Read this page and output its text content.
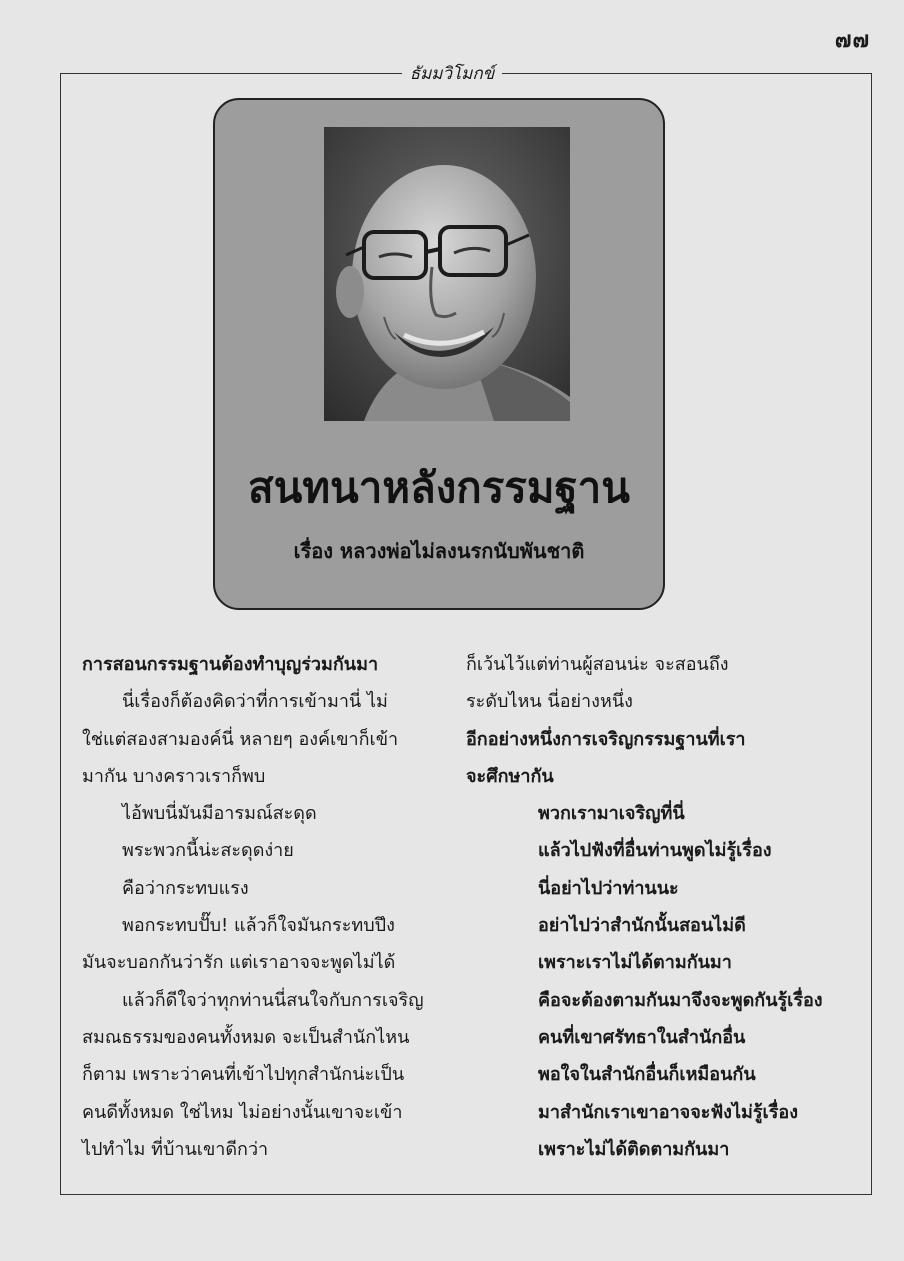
๗๗
ธัมมวิโมกข์
สนทนาหลังกรรมฐาน
เรื่อง หลวงพ่อไม่ลงนรกนับพันชาติ
การสอนกรรมฐานต้องทำบุญร่วมกันมา
นี่เรื่องก็ต้องคิดว่าที่การเข้ามานี่ ไม่
ใช่แต่สองสามองค์นี่ หลายๆ องค์เขาก็เข้า
มากัน บางคราวเราก็พบ
ไอ้พบนี่มันมีอารมณ์สะดุด
พระพวกนี้น่ะสะดุดง่าย
คือว่ากระทบแรง
พอกระทบปั๊บ! แล้วก็ใจมันกระทบปึง
มันจะบอกกันว่ารัก แต่เราอาจจะพูดไม่ได้
แล้วก็ดีใจว่าทุกท่านนี่สนใจกับการเจริญ
สมณธรรมของคนทั้งหมด จะเป็นสำนักไหน
ก็ตาม เพราะว่าคนที่เข้าไปทุกสำนักน่ะเป็น
คนดีทั้งหมด ใช่ไหม ไม่อย่างนั้นเขาจะเข้า
ไปทำไม ที่บ้านเขาดีกว่า
ก็เว้นไว้แต่ท่านผู้สอนน่ะ จะสอนถึง
ระดับไหน นี่อย่างหนึ่ง
อีกอย่างหนึ่งการเจริญกรรมฐานที่เรา
จะศึกษากัน
พวกเรามาเจริญที่นี่
แล้วไปฟังที่อื่นท่านพูดไม่รู้เรื่อง
นี่อย่าไปว่าท่านนะ
อย่าไปว่าสำนักนั้นสอนไม่ดี
เพราะเราไม่ได้ตามกันมา
คือจะต้องตามกันมาจึงจะพูดกันรู้เรื่อง
คนที่เขาศรัทธาในสำนักอื่น
พอใจในสำนักอื่นก็เหมือนกัน
มาสำนักเราเขาอาจจะฟังไม่รู้เรื่อง
เพราะไม่ได้ติดตามกันมา
